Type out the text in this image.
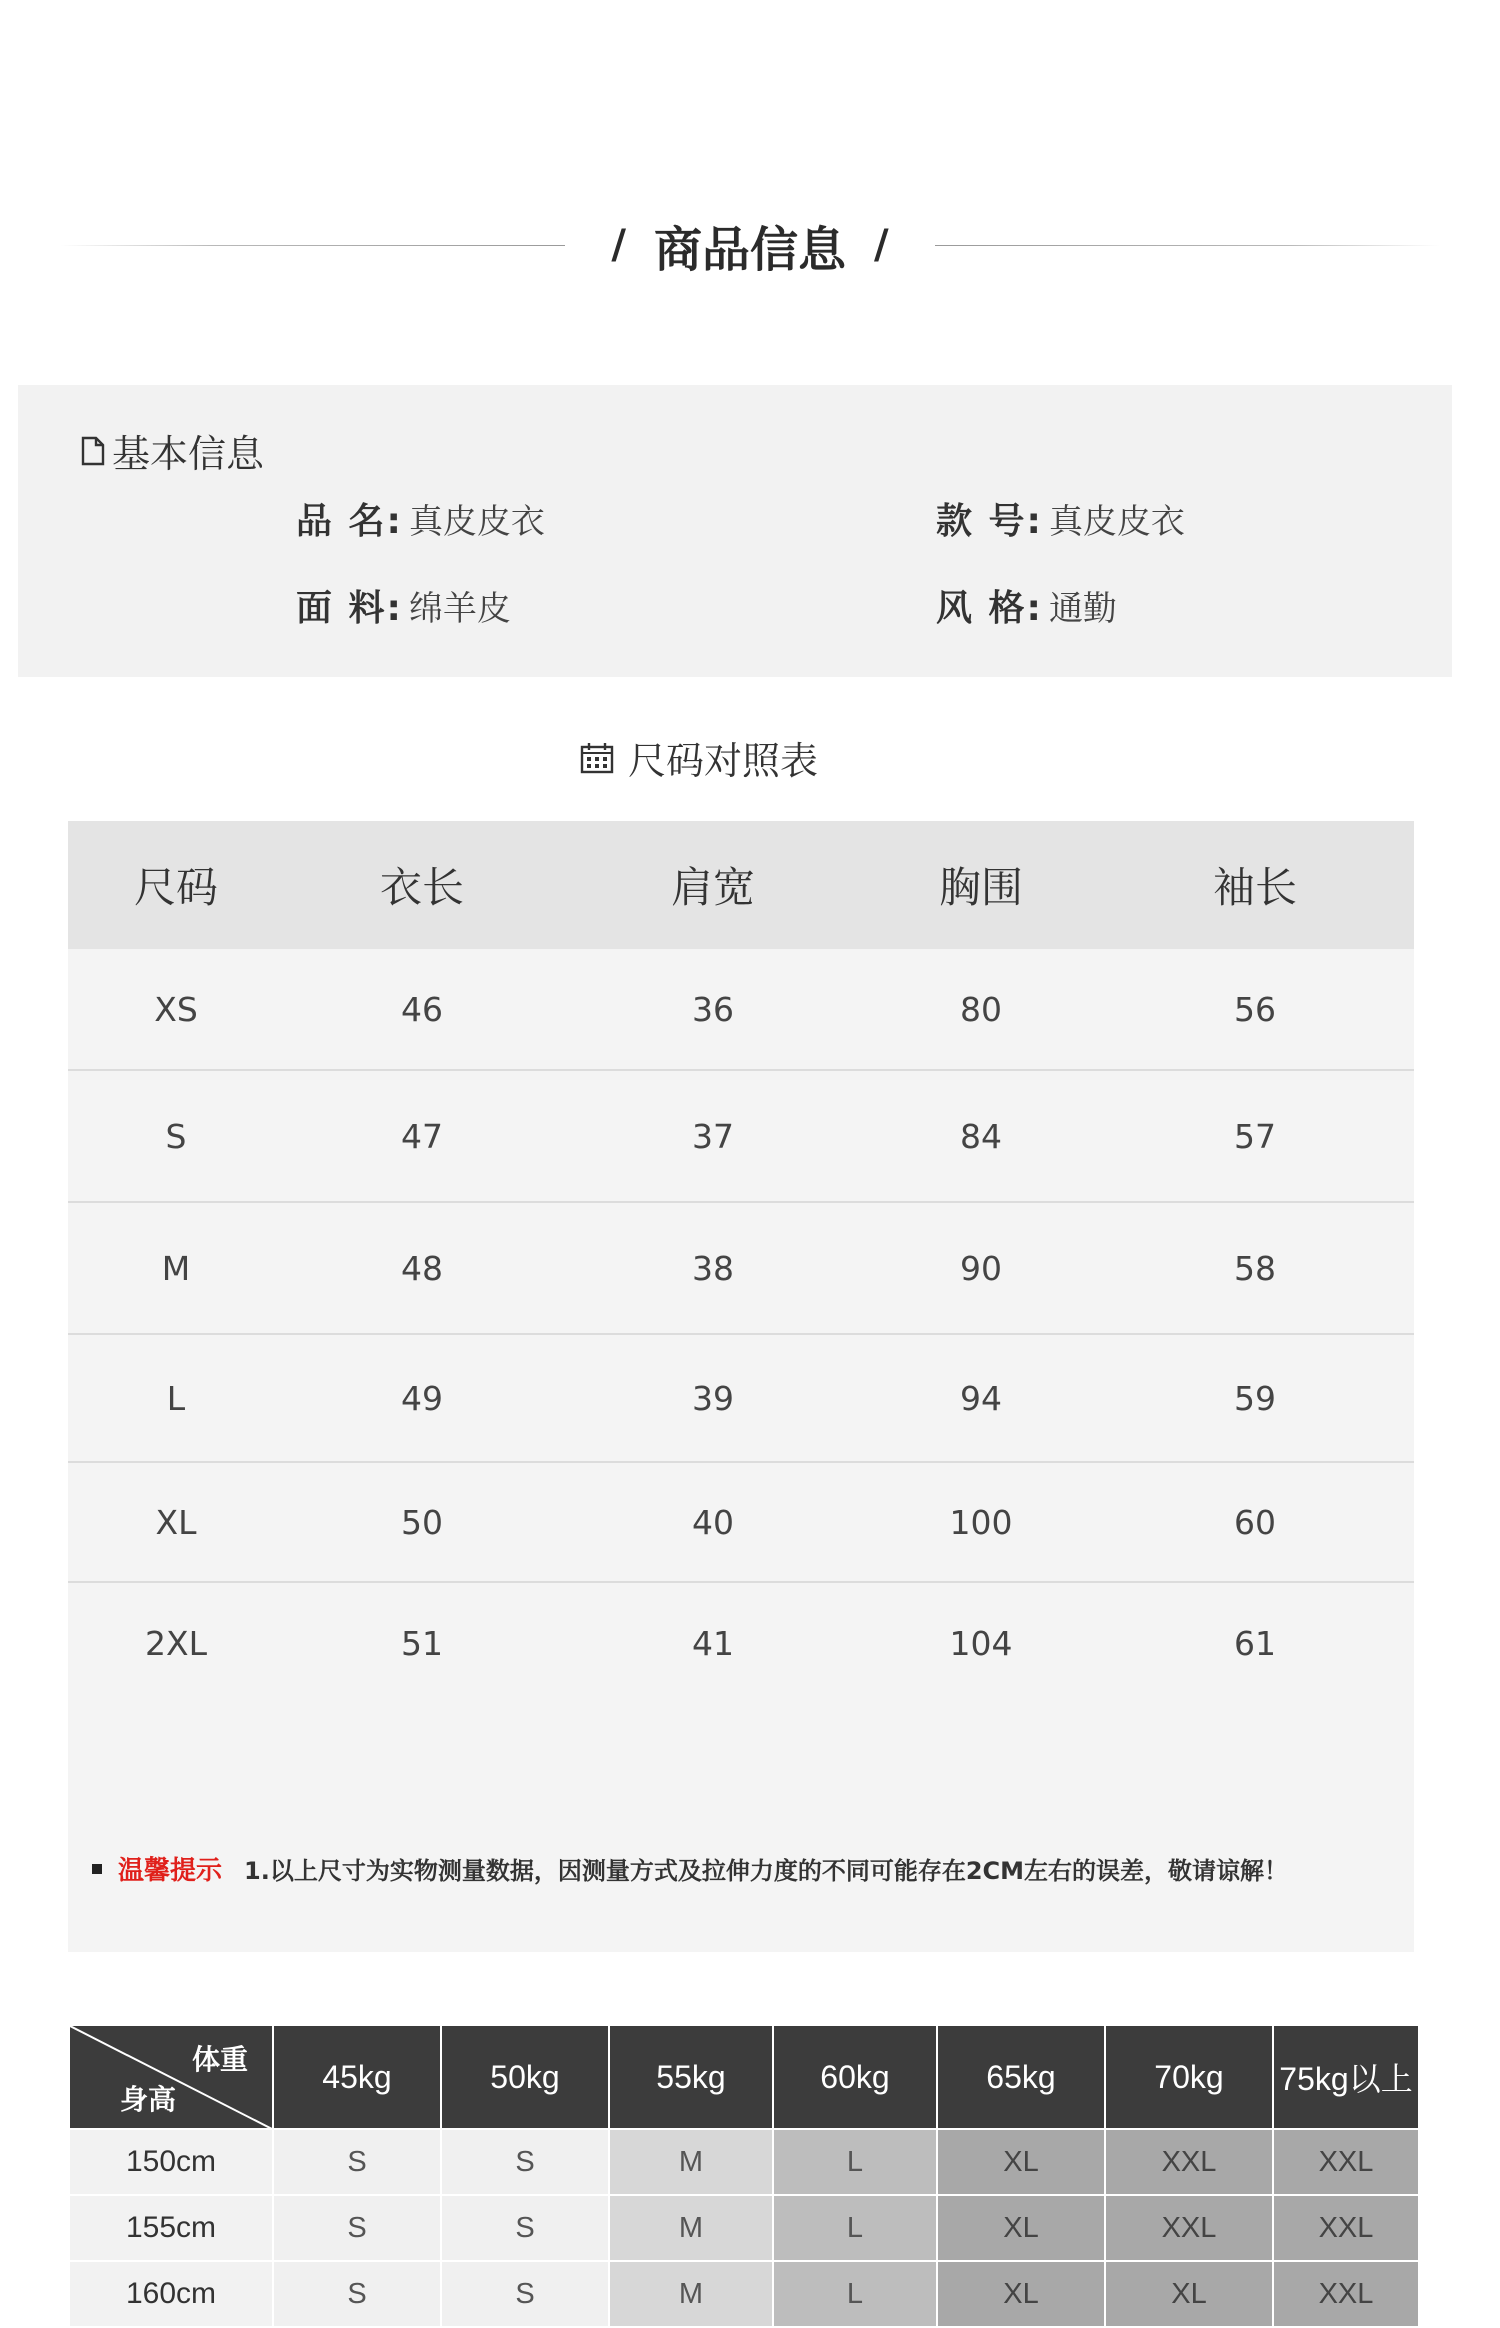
/ 商品信息 /
基本信息
品 名: 真皮皮衣	款 号: 真皮皮衣
面 料: 绵羊皮	风 格: 通勤
尺码对照表
尺码	衣长	肩宽	胸围	袖长
XS	46	36	80	56
S	47	37	84	57
M	48	38	90	58
L	49	39	94	59
XL	50	40	100	60
2XL	51	41	104	61
温馨提示 1.以上尺寸为实物测量数据，因测量方式及拉伸力度的不同可能存在2CM左右的误差，敬请谅解！
体重
身高	45kg	50kg	55kg	60kg	65kg	70kg	75kg以上
150cm	S	S	M	L	XL	XXL	XXL
155cm	S	S	M	L	XL	XXL	XXL
160cm	S	S	M	L	XL	XL	XXL
